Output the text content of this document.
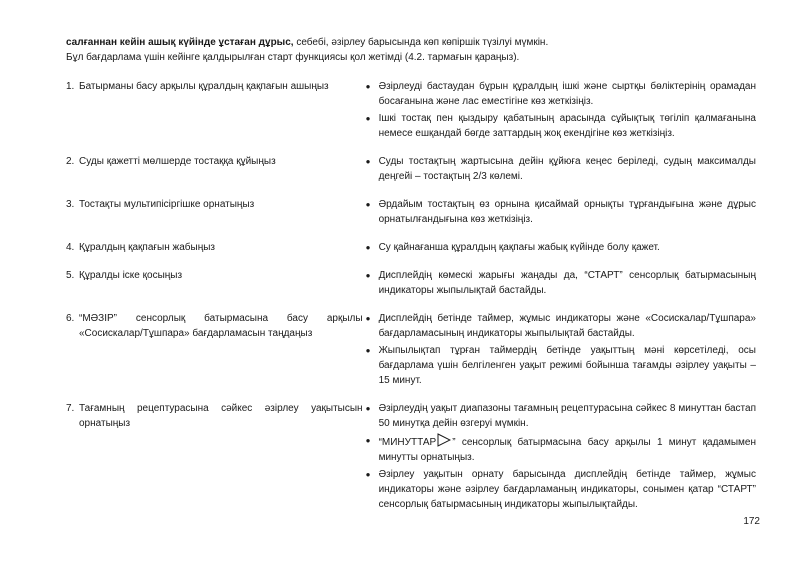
салғаннан кейін ашық күйінде ұстаған дұрыс, себебі, әзірлеу барысында көп көпіршік түзілуі мүмкін.

Бұл бағдарлама үшін кейінге қалдырылған старт функциясы қол жетімді (4.2. тармағын қараңыз).

1. Батырманы басу арқылы құралдың қақпағын ашыңыз	● Әзірлеуді бастаудан бұрын құралдың ішкі және сыртқы бөліктерінің орамадан босағанына және лас еместігіне көз жеткізіңіз.
● Ішкі тостақ пен қыздыру қабатының арасында сұйықтық төгіліп қалмағанына немесе ешқандай бөгде заттардың жоқ екендігіне көз жеткізіңіз.
2. Суды қажетті мөлшерде тостаққа құйыңыз	● Суды тостақтың жартысына дейін құйюға кеңес беріледі, судың максималды деңгейі – тостақтың 2/3 көлемі.
3. Тостақты мультипісіргішке орнатыңыз	● Әрдайым тостақтың өз орнына қисаймай орнықты тұрғандығына және дұрыс орнатылғандығына көз жеткізіңіз.
4. Құралдың қақпағын жабыңыз	● Су қайнағанша құралдың қақпағы жабық күйінде болу қажет.
5. Құралды іске қосыңыз	● Дисплейдің көмескі жарығы жаңады да, “СТАРТ” сенсорлық батырмасының индикаторы жыпылықтай бастайды.
6. “МӘЗІР” сенсорлық батырмасына басу арқылы «Сосискалар/Тұшпара» бағдарламасын таңдаңыз
● Дисплейдің бетінде таймер, жұмыс индикаторы және «Сосискалар/Тұшпара» бағдарламасының индикаторы жыпылықтай бастайды.
● Жыпылықтап тұрған таймердің бетінде уақыттың мәні көрсетіледі, осы бағдарлама үшін белгіленген уақыт режимі бойынша тағамды әзірлеу уақыты – 15 минут.
7. Тағамның рецептурасына сәйкес әзірлеу уақытысын орнатыңыз
● Әзірлеудің уақыт диапазоны тағамның рецептурасына сәйкес 8 минуттан бастап 50 минутқа дейін өзгеруі мүмкін.
● “МИНУТТАР ” сенсорлық батырмасына басу арқылы 1 минут қадамымен минутты орнатыңыз.
● Әзірлеу уақытын орнату барысында дисплейдің бетінде таймер, жұмыс индикаторы және әзірлеу бағдарламаның индикаторы, сонымен қатар “СТАРТ” сенсорлық батырмасының индикаторы жыпылықтайды.
172
